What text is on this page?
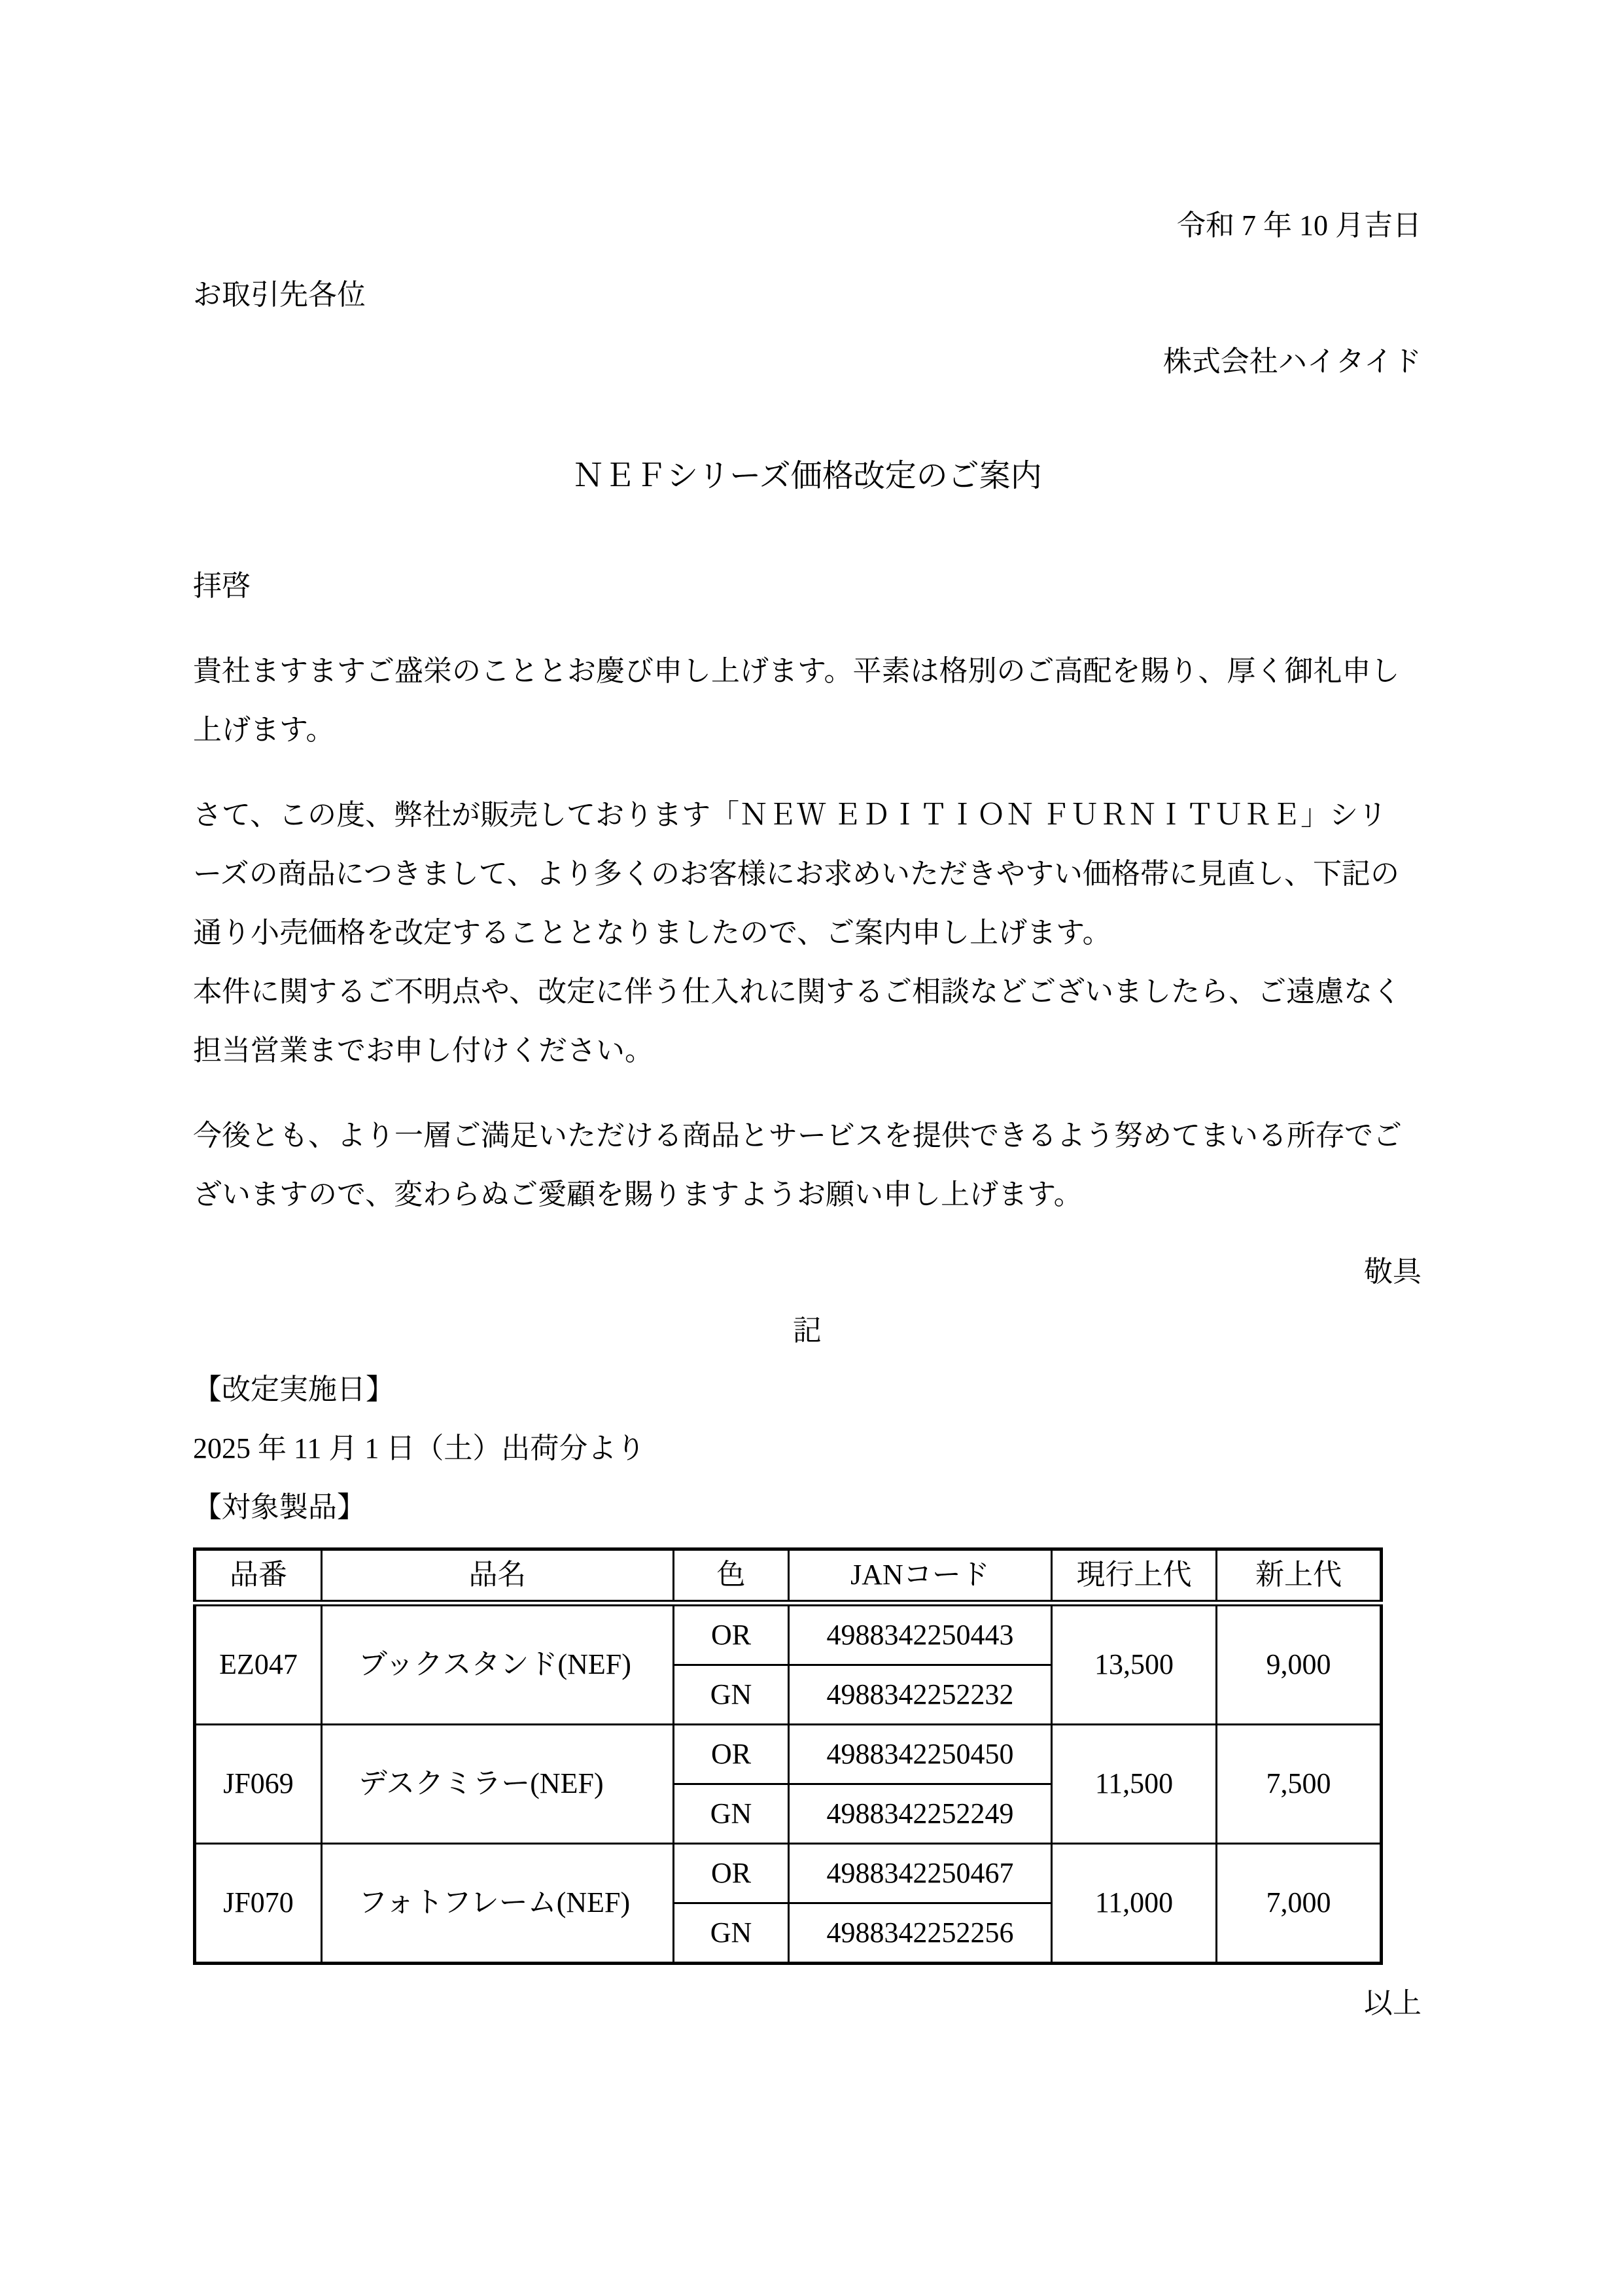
令和 7 年 10 月吉日
お取引先各位
株式会社ハイタイド
ＮＥＦシリーズ価格改定のご案内
拝啓
貴社ますますご盛栄のこととお慶び申し上げます。平素は格別のご高配を賜り、厚く御礼申し
上げます。
さて、この度、弊社が販売しております「ＮＥＷ ＥＤＩＴＩＯＮ ＦＵＲＮＩＴＵＲＥ」シリ
ーズの商品につきまして、より多くのお客様にお求めいただきやすい価格帯に見直し、下記の
通り小売価格を改定することとなりましたので、ご案内申し上げます。
本件に関するご不明点や、改定に伴う仕入れに関するご相談などございましたら、ご遠慮なく
担当営業までお申し付けください。
今後とも、より一層ご満足いただける商品とサービスを提供できるよう努めてまいる所存でご
ざいますので、変わらぬご愛顧を賜りますようお願い申し上げます。
敬具
記
【改定実施日】
2025 年 11 月 1 日（土）出荷分より
【対象製品】
品番	品名	色	JANコード	現行上代	新上代
EZ047	ブックスタンド(NEF)	OR	4988342250443	13,500	9,000
		GN	4988342252232		
JF069	デスクミラー(NEF)	OR	4988342250450	11,500	7,500
		GN	4988342252249		
JF070	フォトフレーム(NEF)	OR	4988342250467	11,000	7,000
		GN	4988342252256		
以上
